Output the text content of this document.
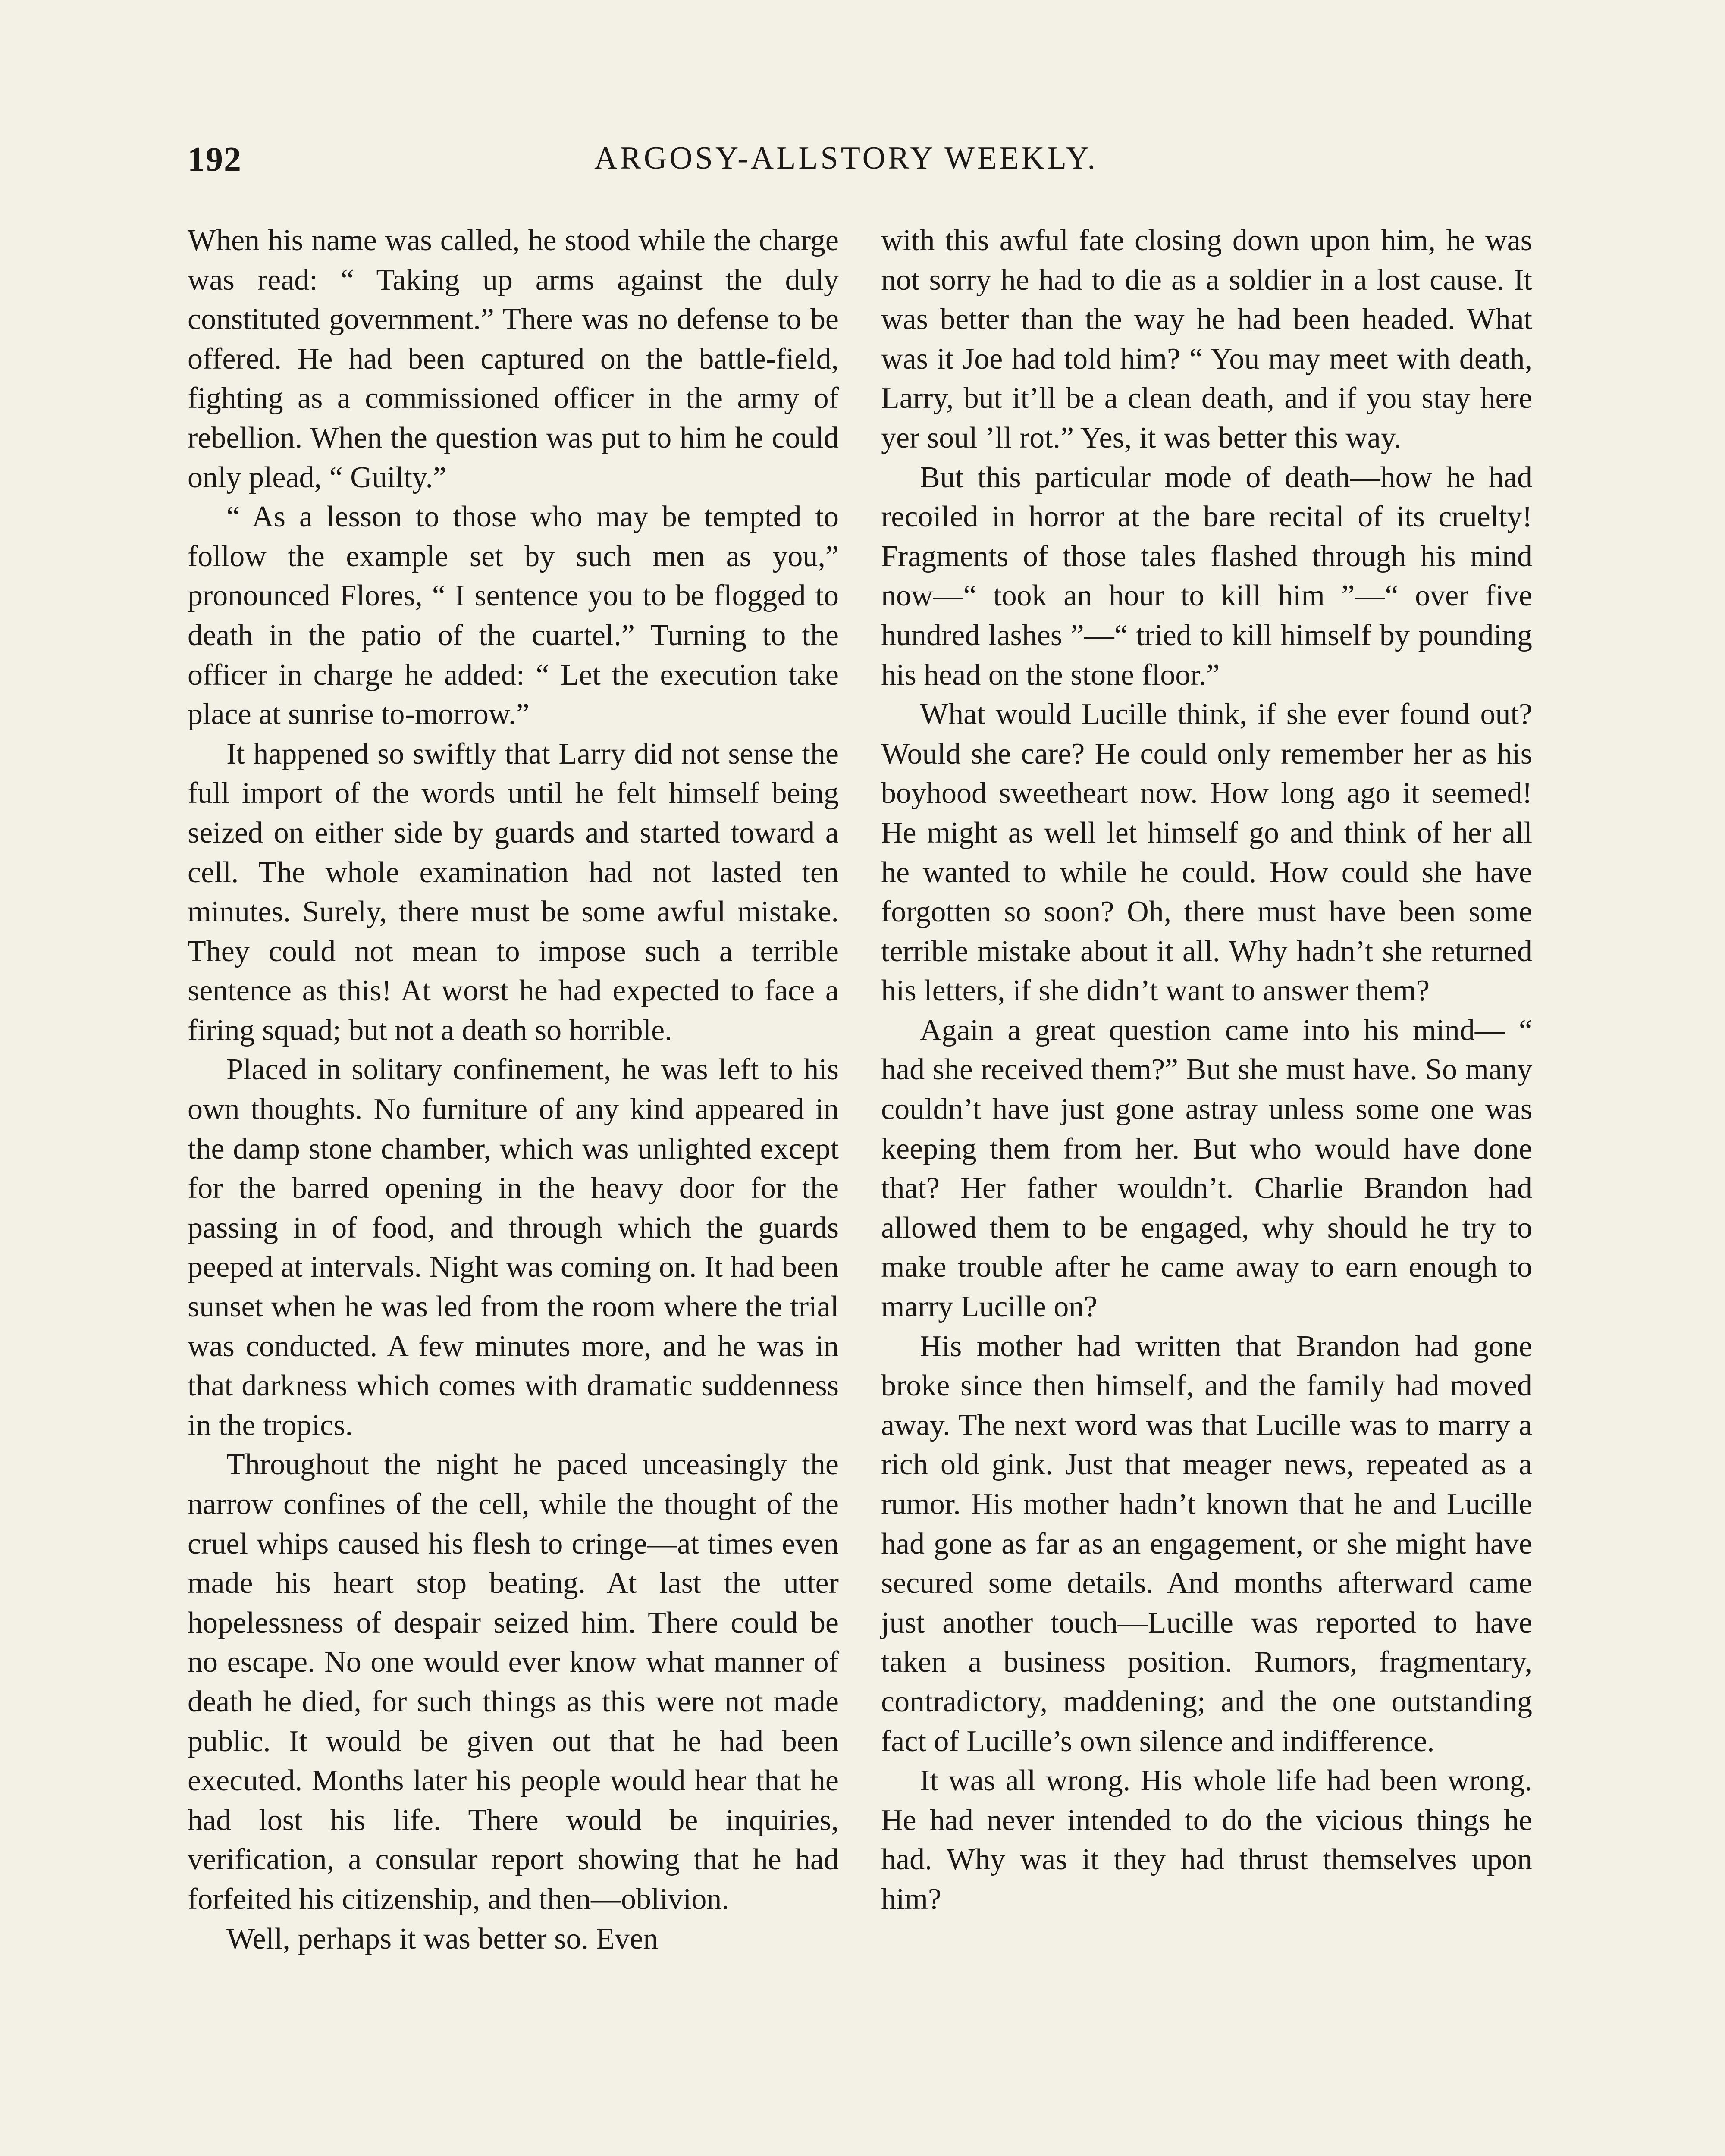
192	ARGOSY-ALLSTORY WEEKLY.

When his name was called, he stood while the charge was read: “ Taking up arms against the duly constituted government.” There was no defense to be offered. He had been captured on the battle-field, fighting as a commissioned officer in the army of rebellion. When the question was put to him he could only plead, “ Guilty.”

“ As a lesson to those who may be tempted to follow the example set by such men as you,” pronounced Flores, “ I sentence you to be flogged to death in the patio of the cuartel.” Turning to the officer in charge he added: “ Let the execution take place at sunrise to-morrow.”

It happened so swiftly that Larry did not sense the full import of the words until he felt himself being seized on either side by guards and started toward a cell. The whole examination had not lasted ten minutes. Surely, there must be some awful mistake. They could not mean to impose such a terrible sentence as this! At worst he had expected to face a firing squad; but not a death so horrible.

Placed in solitary confinement, he was left to his own thoughts. No furniture of any kind appeared in the damp stone chamber, which was unlighted except for the barred opening in the heavy door for the passing in of food, and through which the guards peeped at intervals. Night was coming on. It had been sunset when he was led from the room where the trial was conducted. A few minutes more, and he was in that darkness which comes with dramatic suddenness in the tropics.

Throughout the night he paced unceasingly the narrow confines of the cell, while the thought of the cruel whips caused his flesh to cringe—at times even made his heart stop beating. At last the utter hopelessness of despair seized him. There could be no escape. No one would ever know what manner of death he died, for such things as this were not made public. It would be given out that he had been executed. Months later his people would hear that he had lost his life. There would be inquiries, verification, a consular report showing that he had forfeited his citizenship, and then—oblivion.

Well, perhaps it was better so. Even

with this awful fate closing down upon him, he was not sorry he had to die as a soldier in a lost cause. It was better than the way he had been headed. What was it Joe had told him? “ You may meet with death, Larry, but it’ll be a clean death, and if you stay here yer soul ’ll rot.” Yes, it was better this way.

But this particular mode of death—how he had recoiled in horror at the bare recital of its cruelty! Fragments of those tales flashed through his mind now—“ took an hour to kill him ”—“ over five hundred lashes ”—“ tried to kill himself by pounding his head on the stone floor.”

What would Lucille think, if she ever found out? Would she care? He could only remember her as his boyhood sweetheart now. How long ago it seemed! He might as well let himself go and think of her all he wanted to while he could. How could she have forgotten so soon? Oh, there must have been some terrible mistake about it all. Why hadn’t she returned his letters, if she didn’t want to answer them?

Again a great question came into his mind— “ had she received them?” But she must have. So many couldn’t have just gone astray unless some one was keeping them from her. But who would have done that? Her father wouldn’t. Charlie Brandon had allowed them to be engaged, why should he try to make trouble after he came away to earn enough to marry Lucille on?

His mother had written that Brandon had gone broke since then himself, and the family had moved away. The next word was that Lucille was to marry a rich old gink. Just that meager news, repeated as a rumor. His mother hadn’t known that he and Lucille had gone as far as an engagement, or she might have secured some details. And months afterward came just another touch—Lucille was reported to have taken a business position. Rumors, fragmentary, contradictory, maddening; and the one outstanding fact of Lucille’s own silence and indifference.

It was all wrong. His whole life had been wrong. He had never intended to do the vicious things he had. Why was it they had thrust themselves upon him?
